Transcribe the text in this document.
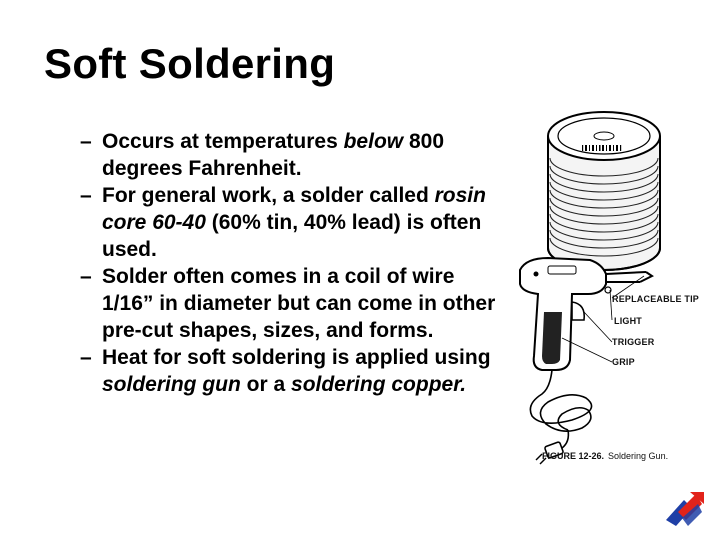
Soft Soldering
– Occurs at temperatures below 800 degrees Fahrenheit.
– For general work, a solder called rosin core 60-40 (60% tin, 40% lead) is often used.
– Solder often comes in a coil of wire 1/16” in diameter but can come in other pre-cut shapes, sizes, and forms.
– Heat for soft soldering is applied using soldering gun or a soldering copper.
REPLACEABLE TIP
LIGHT
TRIGGER
GRIP
FIGURE 12-26. Soldering Gun.
